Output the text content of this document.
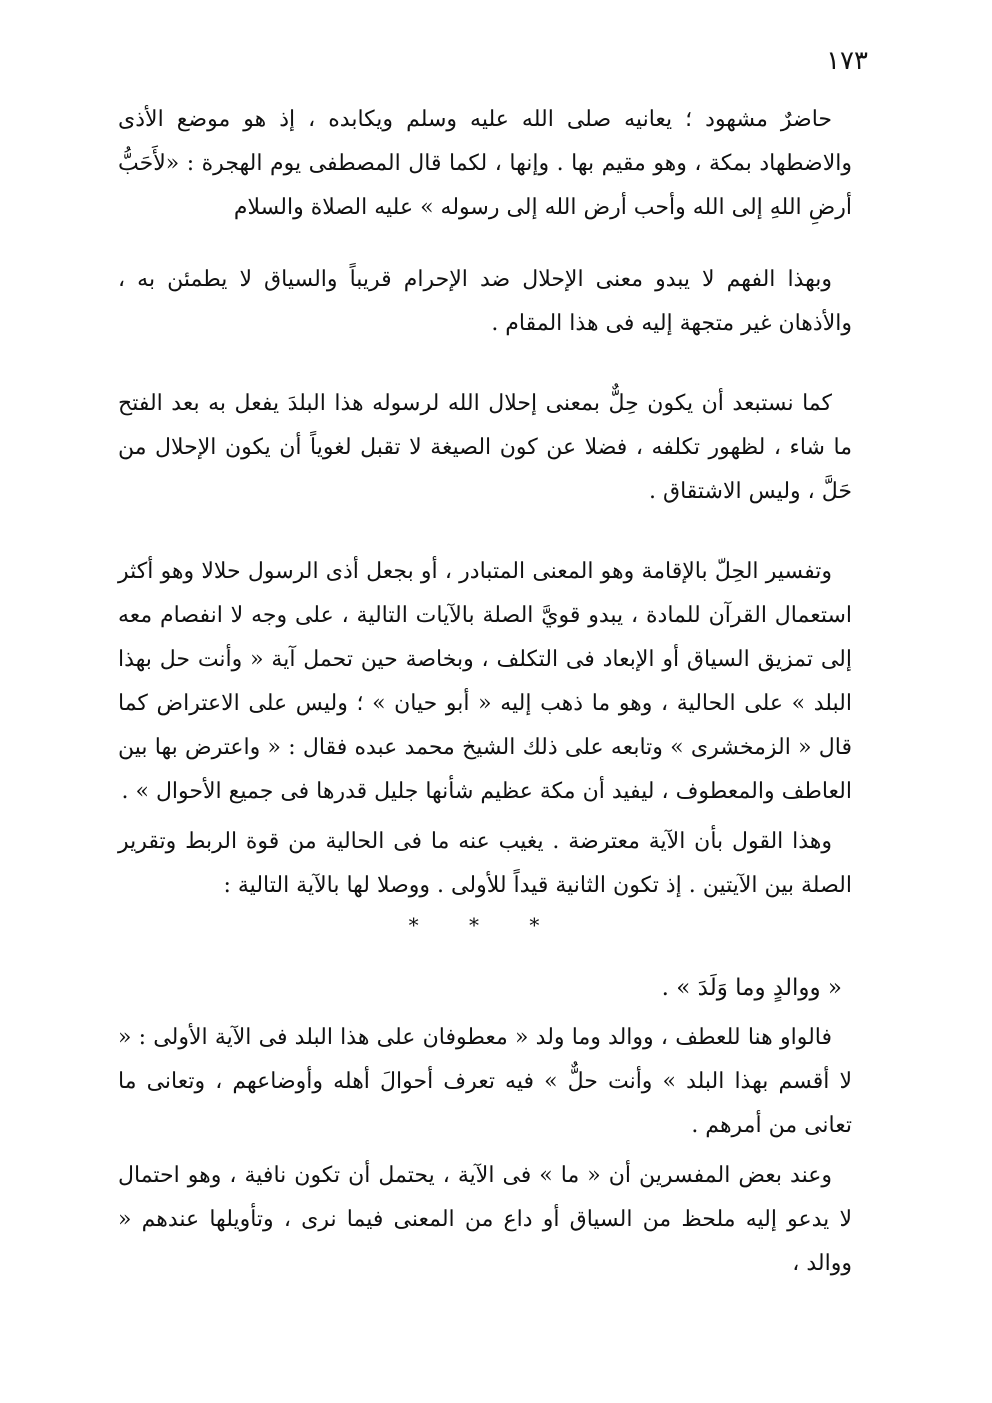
١٧٣

حاضرٌ مشهود ؛ يعانيه صلى الله عليه وسلم ويكابده ، إذ هو موضع الأذى والاضطهاد بمكة ، وهو مقيم بها . وإنها ، لكما قال المصطفى يوم الهجرة : «لأَحَبُّ أرضِ اللهِ إلى الله وأحب أرض الله إلى رسوله » عليه الصلاة والسلام

وبهذا الفهم لا يبدو معنى الإحلال ضد الإحرام قريباً والسياق لا يطمئن به ، والأذهان غير متجهة إليه فى هذا المقام .

كما نستبعد أن يكون حِلٌّ بمعنى إحلال الله لرسوله هذا البلدَ يفعل به بعد الفتح ما شاء ، لظهور تكلفه ، فضلا عن كون الصيغة لا تقبل لغوياً أن يكون الإحلال من حَلَّ ، وليس الاشتقاق .

وتفسير الحِلّ بالإقامة وهو المعنى المتبادر ، أو بجعل أذى الرسول حلالا وهو أكثر استعمال القرآن للمادة ، يبدو قويَّ الصلة بالآيات التالية ، على وجه لا انفصام معه إلى تمزيق السياق أو الإبعاد فى التكلف ، وبخاصة حين تحمل آية « وأنت حل بهذا البلد » على الحالية ، وهو ما ذهب إليه « أبو حيان » ؛ وليس على الاعتراض كما قال « الزمخشرى » وتابعه على ذلك الشيخ محمد عبده فقال : « واعترض بها بين العاطف والمعطوف ، ليفيد أن مكة عظيم شأنها جليل قدرها فى جميع الأحوال » .

وهذا القول بأن الآية معترضة . يغيب عنه ما فى الحالية من قوة الربط وتقرير الصلة بين الآيتين . إذ تكون الثانية قيداً للأولى . ووصلا لها بالآية التالية :

* * *

« ووالدٍ وما وَلَدَ » .

فالواو هنا للعطف ، ووالد وما ولد « معطوفان على هذا البلد فى الآية الأولى : « لا أقسم بهذا البلد » وأنت حلٌّ » فيه تعرف أحوالَ أهله وأوضاعهم ، وتعانى ما تعانى من أمرهم .

وعند بعض المفسرين أن « ما » فى الآية ، يحتمل أن تكون نافية ، وهو احتمال لا يدعو إليه ملحظ من السياق أو داع من المعنى فيما نرى ، وتأويلها عندهم « ووالد ،
